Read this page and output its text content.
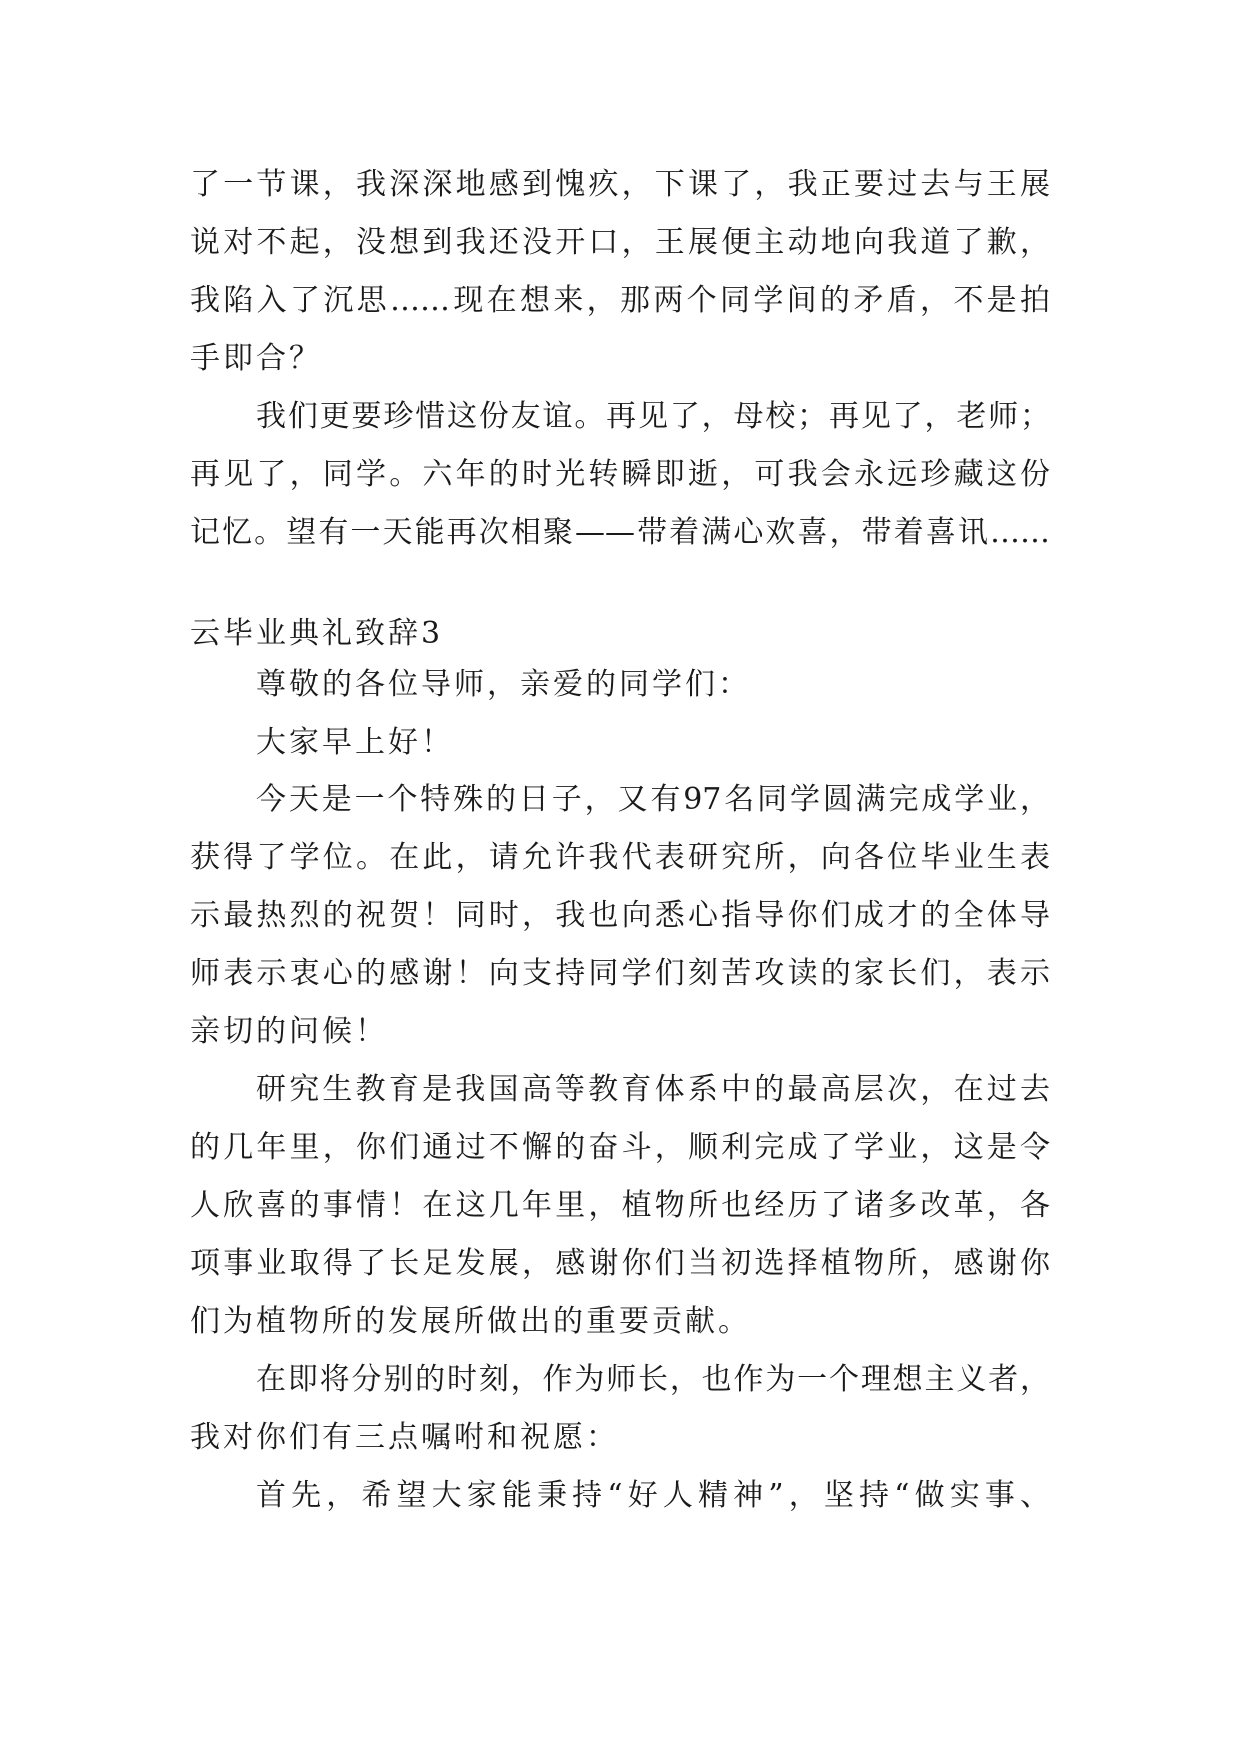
了一节课，我深深地感到愧疚，下课了，我正要过去与王展
说对不起，没想到我还没开口，王展便主动地向我道了歉，
我陷入了沉思……现在想来，那两个同学间的矛盾，不是拍
手即合？
我们更要珍惜这份友谊。再见了，母校；再见了，老师；
再见了，同学。六年的时光转瞬即逝，可我会永远珍藏这份
记忆。望有一天能再次相聚——带着满心欢喜，带着喜讯……
云毕业典礼致辞3
尊敬的各位导师，亲爱的同学们：
大家早上好！
今天是一个特殊的日子，又有97名同学圆满完成学业，
获得了学位。在此，请允许我代表研究所，向各位毕业生表
示最热烈的祝贺！同时，我也向悉心指导你们成才的全体导
师表示衷心的感谢！向支持同学们刻苦攻读的家长们，表示
亲切的问候！
研究生教育是我国高等教育体系中的最高层次，在过去
的几年里，你们通过不懈的奋斗，顺利完成了学业，这是令
人欣喜的事情！在这几年里，植物所也经历了诸多改革，各
项事业取得了长足发展，感谢你们当初选择植物所，感谢你
们为植物所的发展所做出的重要贡献。
在即将分别的时刻，作为师长，也作为一个理想主义者，
我对你们有三点嘱咐和祝愿：
首先，希望大家能秉持“好人精神”，坚持“做实事、
